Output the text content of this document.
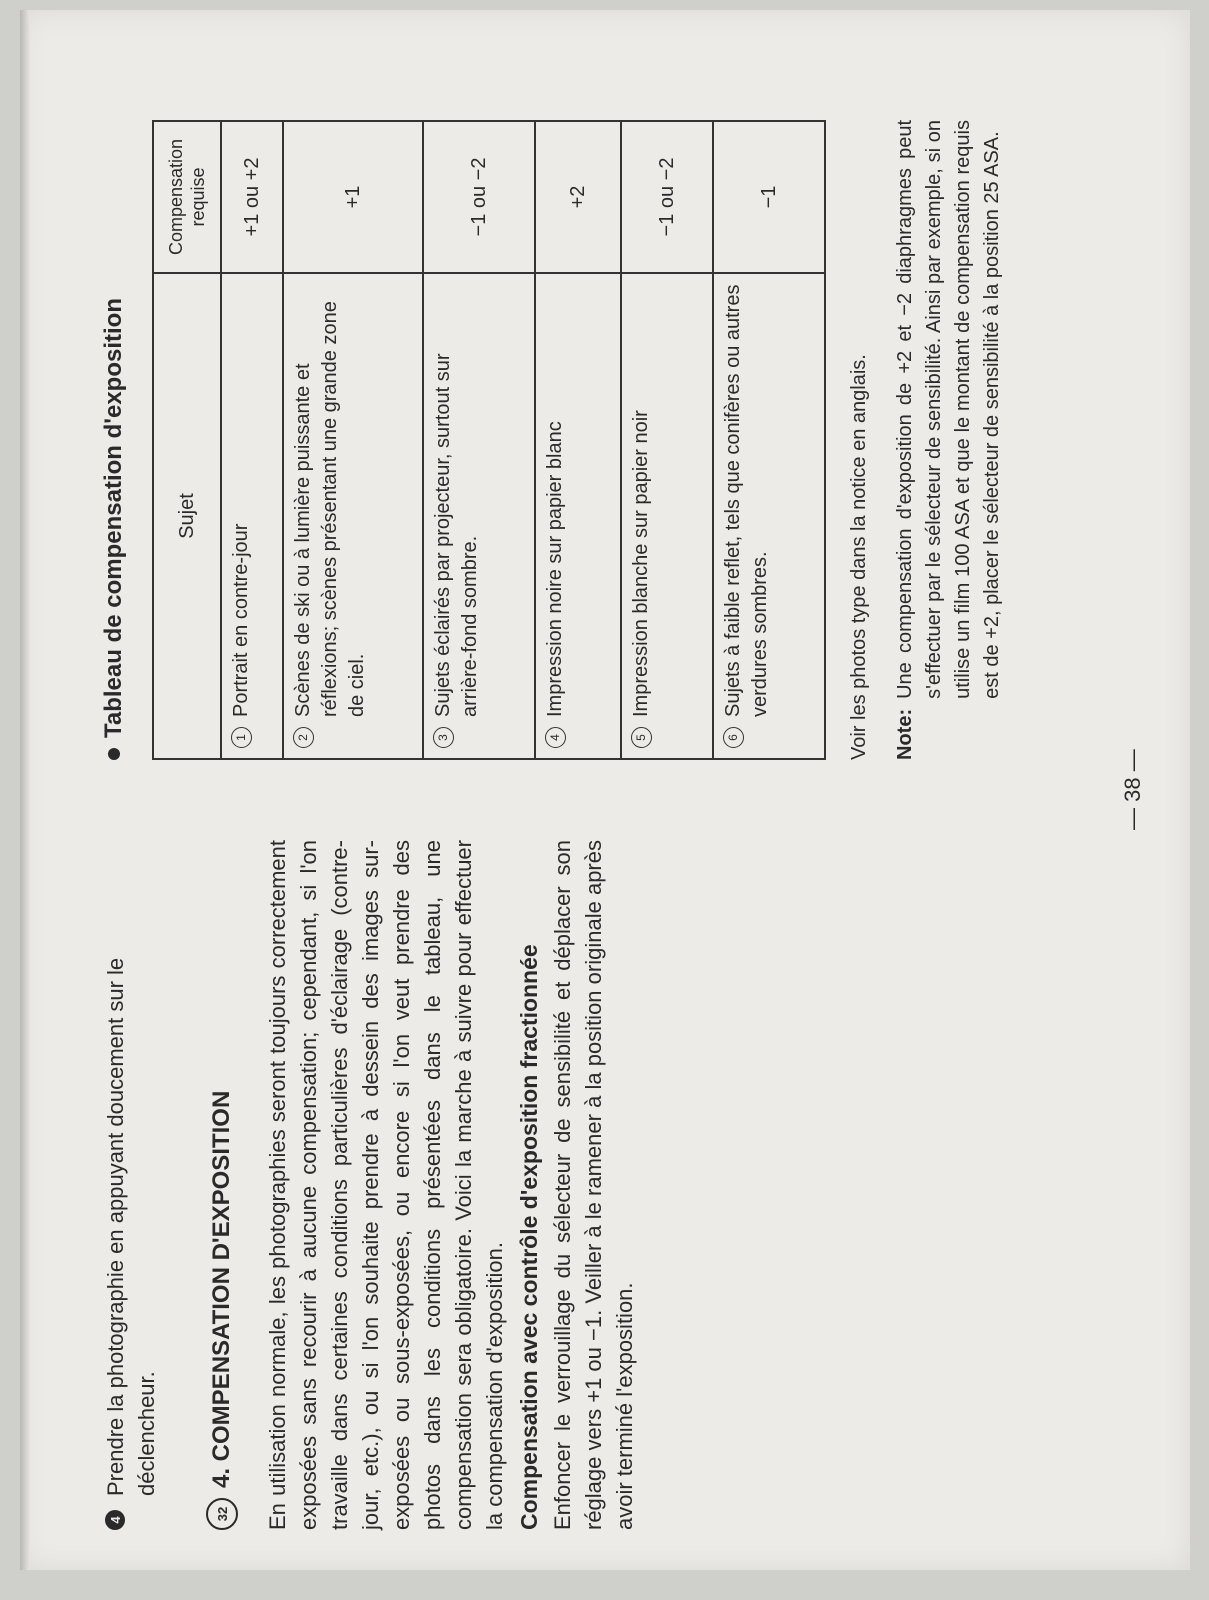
4
Prendre la photographie en appuyant doucement sur le déclencheur.
32
4. COMPENSATION D'EXPOSITION En utilisation normale, les photographies seront toujours correctement exposées sans recourir à aucune compensation; cependant, si l'on travaille dans certaines conditions particulières d'éclairage (contre-jour, etc.), ou si l'on souhaite prendre à dessein des images sur-exposées ou sous-exposées, ou encore si l'on veut prendre des photos dans les conditions présentées dans le tableau, une compensation sera obligatoire. Voici la marche à suivre pour effectuer la compensation d'exposition. Compensation avec contrôle d'exposition fractionnée Enfoncer le verrouillage du sélecteur de sensibilité et déplacer son réglage vers +1 ou −1. Veiller à le ramener à la position originale après avoir terminé l'exposition.

Tableau de compensation d'exposition Sujet	Compensation requise

1
Portrait en contre-jour	+1 ou +2

2
Scènes de ski ou à lumière puissante et réflexions; scènes présentant une grande zone de ciel.	+1

3
Sujets éclairés par projecteur, surtout sur arrière-fond sombre.	−1 ou −2

4
Impression noire sur papier blanc	+2

5
Impression blanche sur papier noir	−1 ou −2

6
Sujets à faible reflet, tels que conifères ou autres verdures sombres.	−1
Voir les photos type dans la notice en anglais. Note:
Une compensation d'exposition de +2 et −2 diaphragmes peut s'effectuer par le sélecteur de sensibilité. Ainsi par exemple, si on utilise un film 100 ASA et que le montant de compensation requis est de +2, placer le sélecteur de sensibilité à la position 25 ASA.
— 38 —
